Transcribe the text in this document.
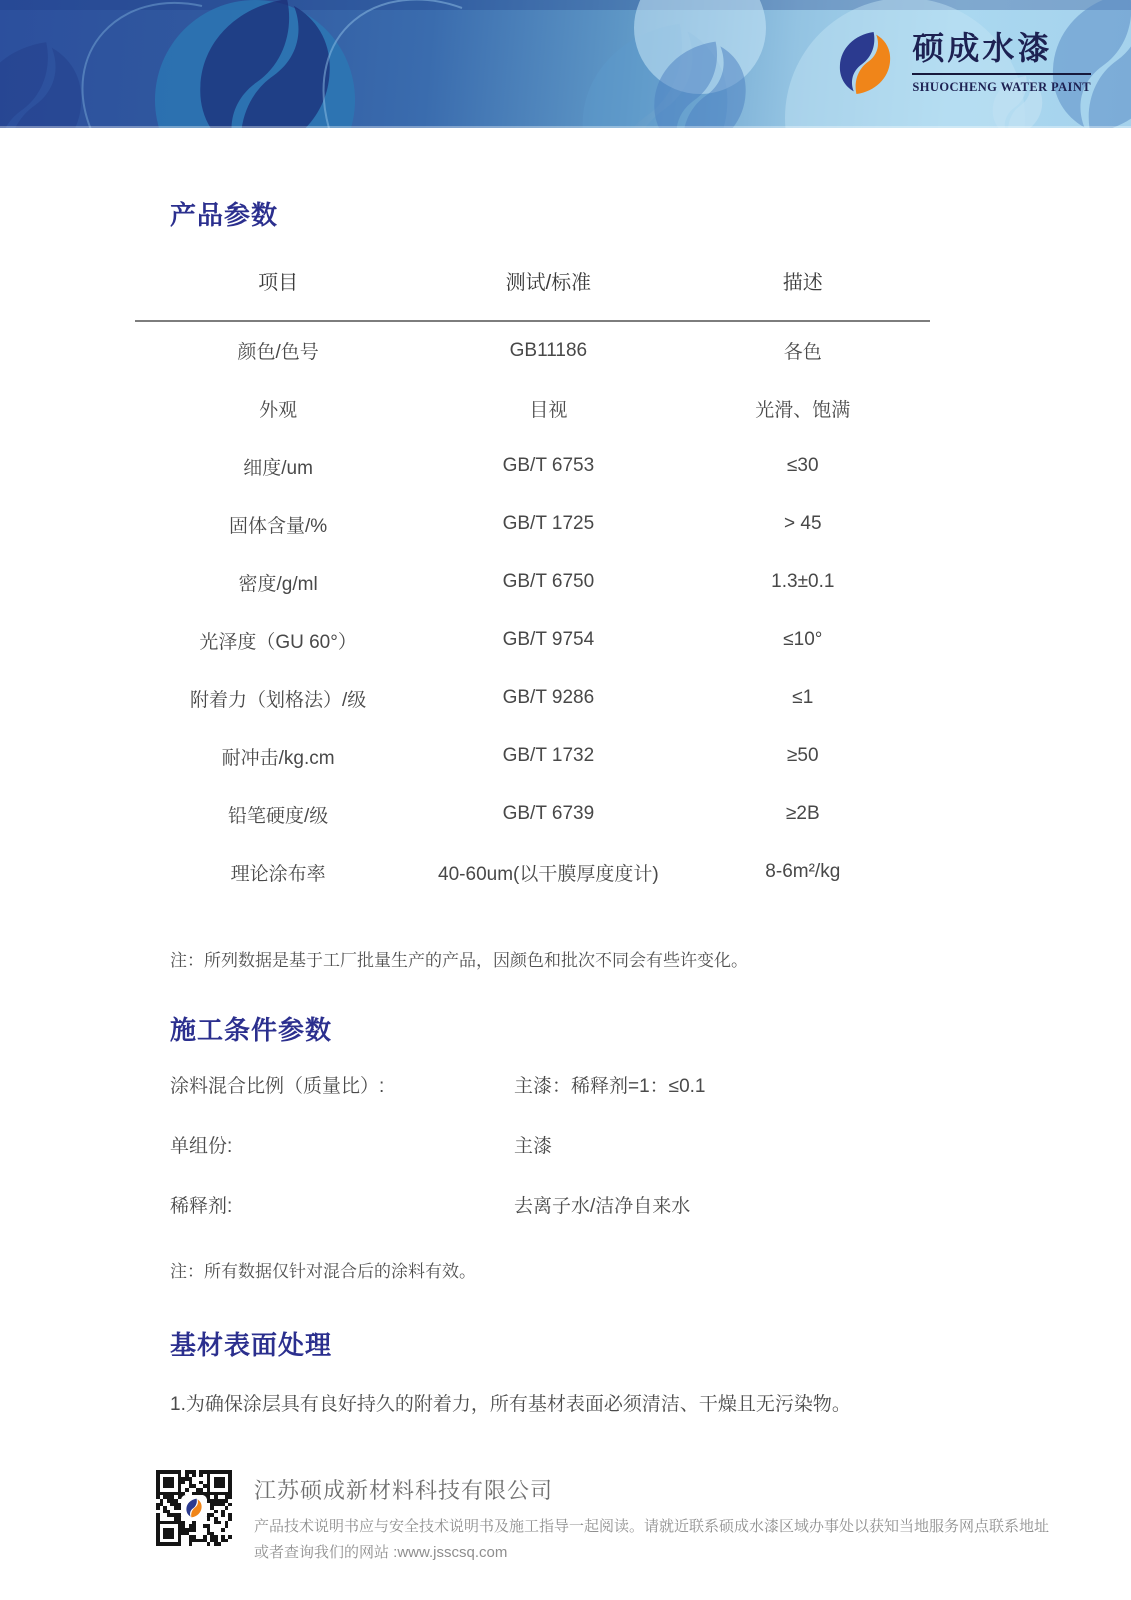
硕成水漆
SHUOCHENG WATER PAINT
产品参数
项目	测试/标准	描述
颜色/色号	GB11186	各色
外观	目视	光滑、饱满
细度/um	GB/T 6753	≤30
固体含量/%	GB/T 1725	> 45
密度/g/ml	GB/T 6750	1.3±0.1
光泽度（GU 60°）	GB/T 9754	≤10°
附着力（划格法）/级	GB/T 9286	≤1
耐冲击/kg.cm	GB/T 1732	≥50
铅笔硬度/级	GB/T 6739	≥2B
理论涂布率	40-60um(以干膜厚度度计)	8-6m²/kg

注：所列数据是基于工厂批量生产的产品，因颜色和批次不同会有些许变化。

施工条件参数
涂料混合比例（质量比）:	主漆：稀释剂=1：≤0.1
单组份:	主漆
稀释剂:	去离子水/洁净自来水

注：所有数据仅针对混合后的涂料有效。

基材表面处理

1.为确保涂层具有良好持久的附着力，所有基材表面必须清洁、干燥且无污染物。

江苏硕成新材料科技有限公司

产品技术说明书应与安全技术说明书及施工指导一起阅读。请就近联系硕成水漆区域办事处以获知当地服务网点联系地址
或者查询我们的网站 :www.jsscsq.com
